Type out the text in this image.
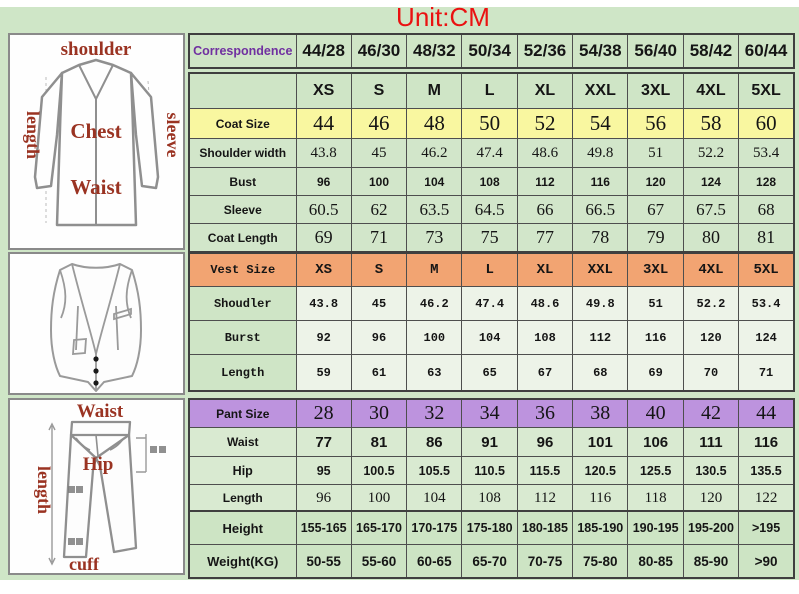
Unit:CM
shoulder
length	sleeve
Chest
Waist
Waist
length
Hip
cuff
Correspondence	44/28	46/30	48/32	50/34	52/36	54/38	56/40	58/42	60/44
	XS	S	M	L	XL	XXL	3XL	4XL	5XL
Coat Size	44	46	48	50	52	54	56	58	60
Shoulder width	43.8	45	46.2	47.4	48.6	49.8	51	52.2	53.4
Bust	96	100	104	108	112	116	120	124	128
Sleeve	60.5	62	63.5	64.5	66	66.5	67	67.5	68
Coat Length	69	71	73	75	77	78	79	80	81
Vest Size	XS	S	M	L	XL	XXL	3XL	4XL	5XL
Shoudler	43.8	45	46.2	47.4	48.6	49.8	51	52.2	53.4
Burst	92	96	100	104	108	112	116	120	124
Length	59	61	63	65	67	68	69	70	71
Pant Size	28	30	32	34	36	38	40	42	44
Waist	77	81	86	91	96	101	106	111	116
Hip	95	100.5	105.5	110.5	115.5	120.5	125.5	130.5	135.5
Length	96	100	104	108	112	116	118	120	122
Height	155-165	165-170	170-175	175-180	180-185	185-190	190-195	195-200	>195
Weight(KG)	50-55	55-60	60-65	65-70	70-75	75-80	80-85	85-90	>90
